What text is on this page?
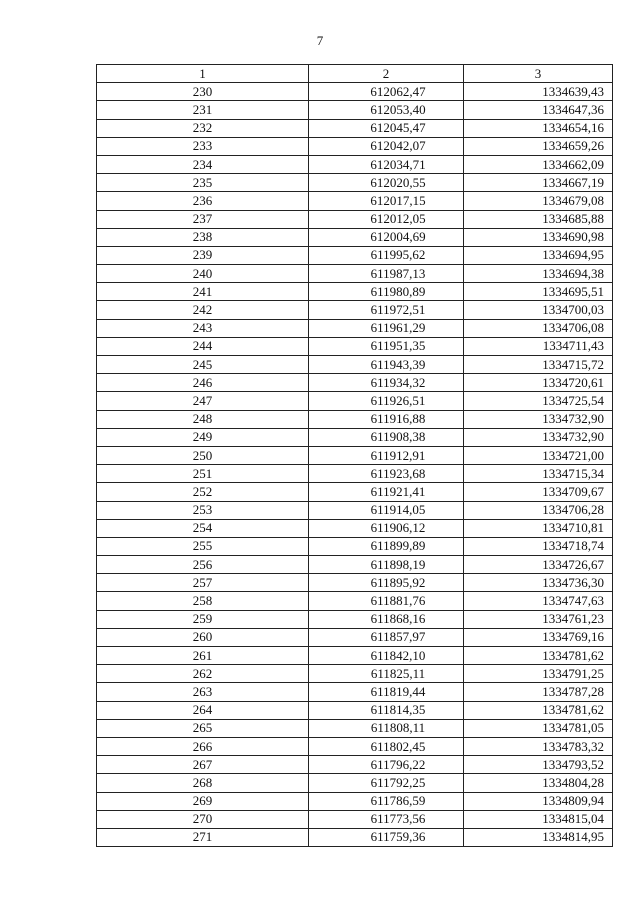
7
1	2	3
230	612062,47	1334639,43
231	612053,40	1334647,36
232	612045,47	1334654,16
233	612042,07	1334659,26
234	612034,71	1334662,09
235	612020,55	1334667,19
236	612017,15	1334679,08
237	612012,05	1334685,88
238	612004,69	1334690,98
239	611995,62	1334694,95
240	611987,13	1334694,38
241	611980,89	1334695,51
242	611972,51	1334700,03
243	611961,29	1334706,08
244	611951,35	1334711,43
245	611943,39	1334715,72
246	611934,32	1334720,61
247	611926,51	1334725,54
248	611916,88	1334732,90
249	611908,38	1334732,90
250	611912,91	1334721,00
251	611923,68	1334715,34
252	611921,41	1334709,67
253	611914,05	1334706,28
254	611906,12	1334710,81
255	611899,89	1334718,74
256	611898,19	1334726,67
257	611895,92	1334736,30
258	611881,76	1334747,63
259	611868,16	1334761,23
260	611857,97	1334769,16
261	611842,10	1334781,62
262	611825,11	1334791,25
263	611819,44	1334787,28
264	611814,35	1334781,62
265	611808,11	1334781,05
266	611802,45	1334783,32
267	611796,22	1334793,52
268	611792,25	1334804,28
269	611786,59	1334809,94
270	611773,56	1334815,04
271	611759,36	1334814,95
